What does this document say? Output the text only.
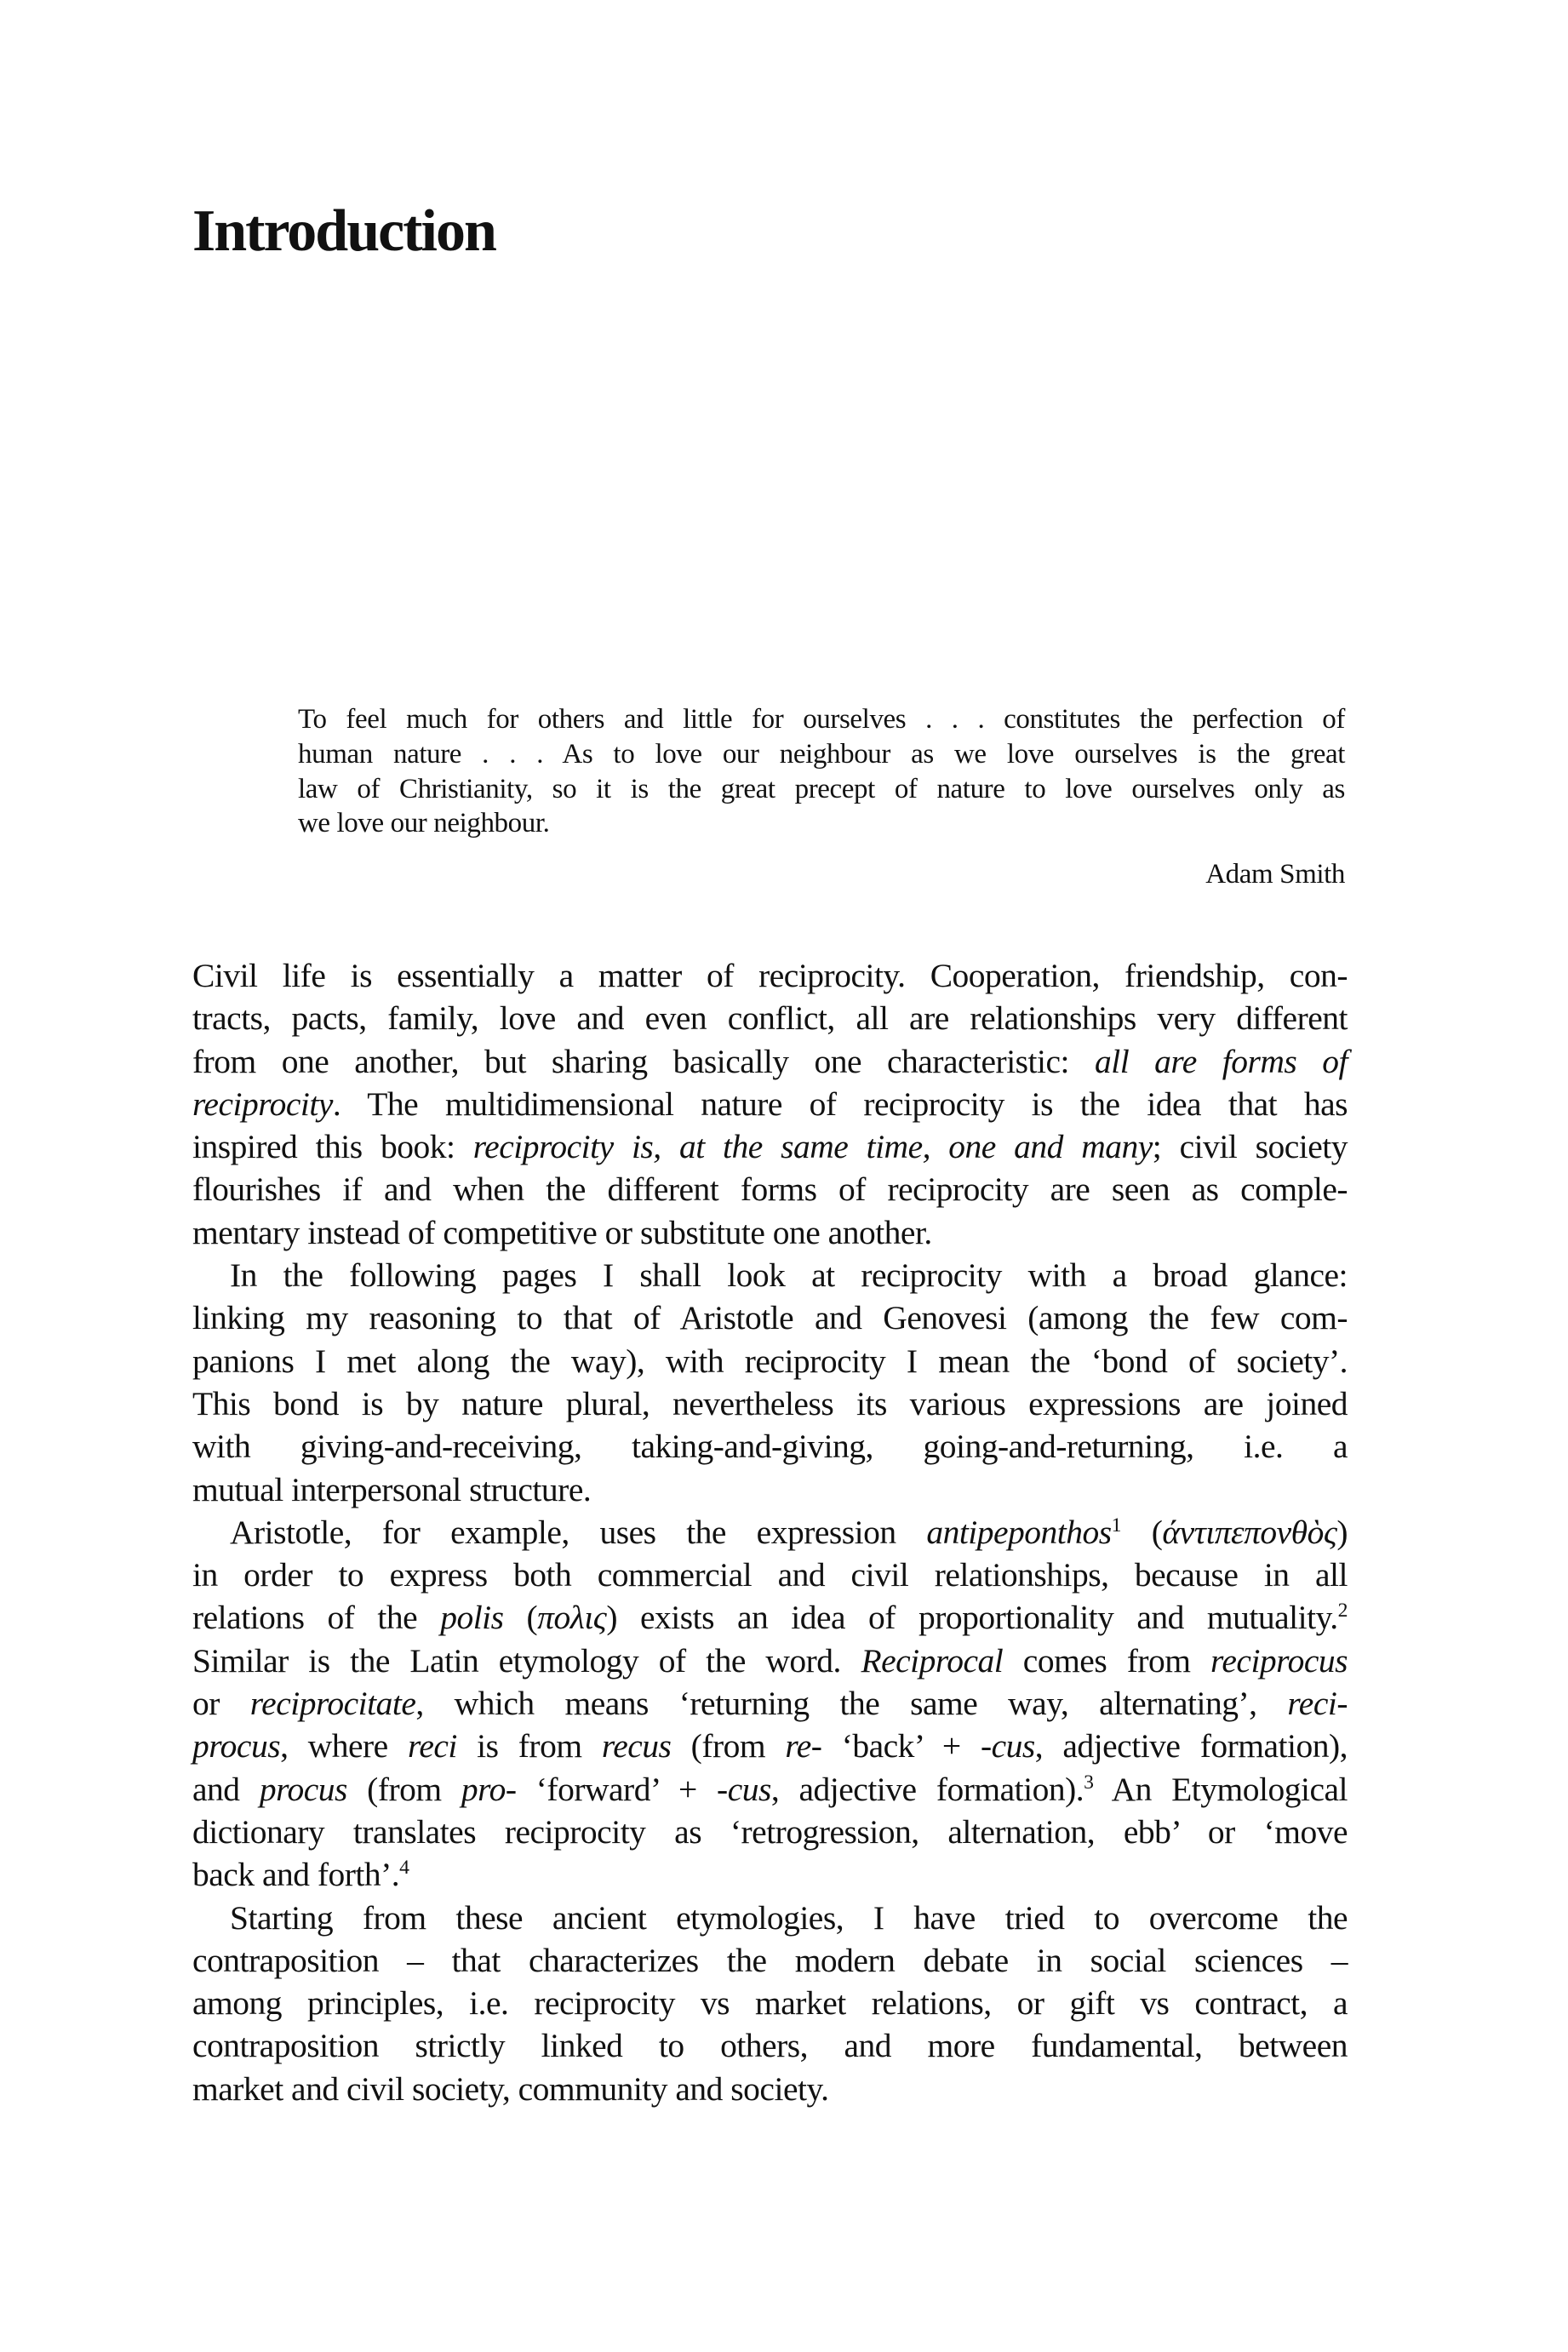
Introduction
To feel much for others and little for ourselves . . . constitutes the perfection of
human nature . . . As to love our neighbour as we love ourselves is the great
law of Christianity, so it is the great precept of nature to love ourselves only as
we love our neighbour.
Adam Smith
Civil life is essentially a matter of reciprocity. Cooperation, friendship, con-
tracts, pacts, family, love and even conflict, all are relationships very different
from one another, but sharing basically one characteristic: all are forms of
reciprocity. The multidimensional nature of reciprocity is the idea that has
inspired this book: reciprocity is, at the same time, one and many; civil society
flourishes if and when the different forms of reciprocity are seen as comple-
mentary instead of competitive or substitute one another.
In the following pages I shall look at reciprocity with a broad glance:
linking my reasoning to that of Aristotle and Genovesi (among the few com-
panions I met along the way), with reciprocity I mean the ‘bond of society’.
This bond is by nature plural, nevertheless its various expressions are joined
with giving-and-receiving, taking-and-giving, going-and-returning, i.e. a
mutual interpersonal structure.
Aristotle, for example, uses the expression antipeponthos$^1$ (άντιπεπονθὸς)
in order to express both commercial and civil relationships, because in all
relations of the polis (πολις) exists an idea of proportionality and mutuality.$^2$
Similar is the Latin etymology of the word. Reciprocal comes from reciprocus
or reciprocitate, which means ‘returning the same way, alternating’, reci-
procus, where reci is from recus (from re- ‘back’ + -cus, adjective formation),
and procus (from pro- ‘forward’ + -cus, adjective formation).$^3$ An Etymological
dictionary translates reciprocity as ‘retrogression, alternation, ebb’ or ‘move
back and forth’.$^4$
Starting from these ancient etymologies, I have tried to overcome the
contraposition – that characterizes the modern debate in social sciences –
among principles, i.e. reciprocity vs market relations, or gift vs contract, a
contraposition strictly linked to others, and more fundamental, between
market and civil society, community and society.
